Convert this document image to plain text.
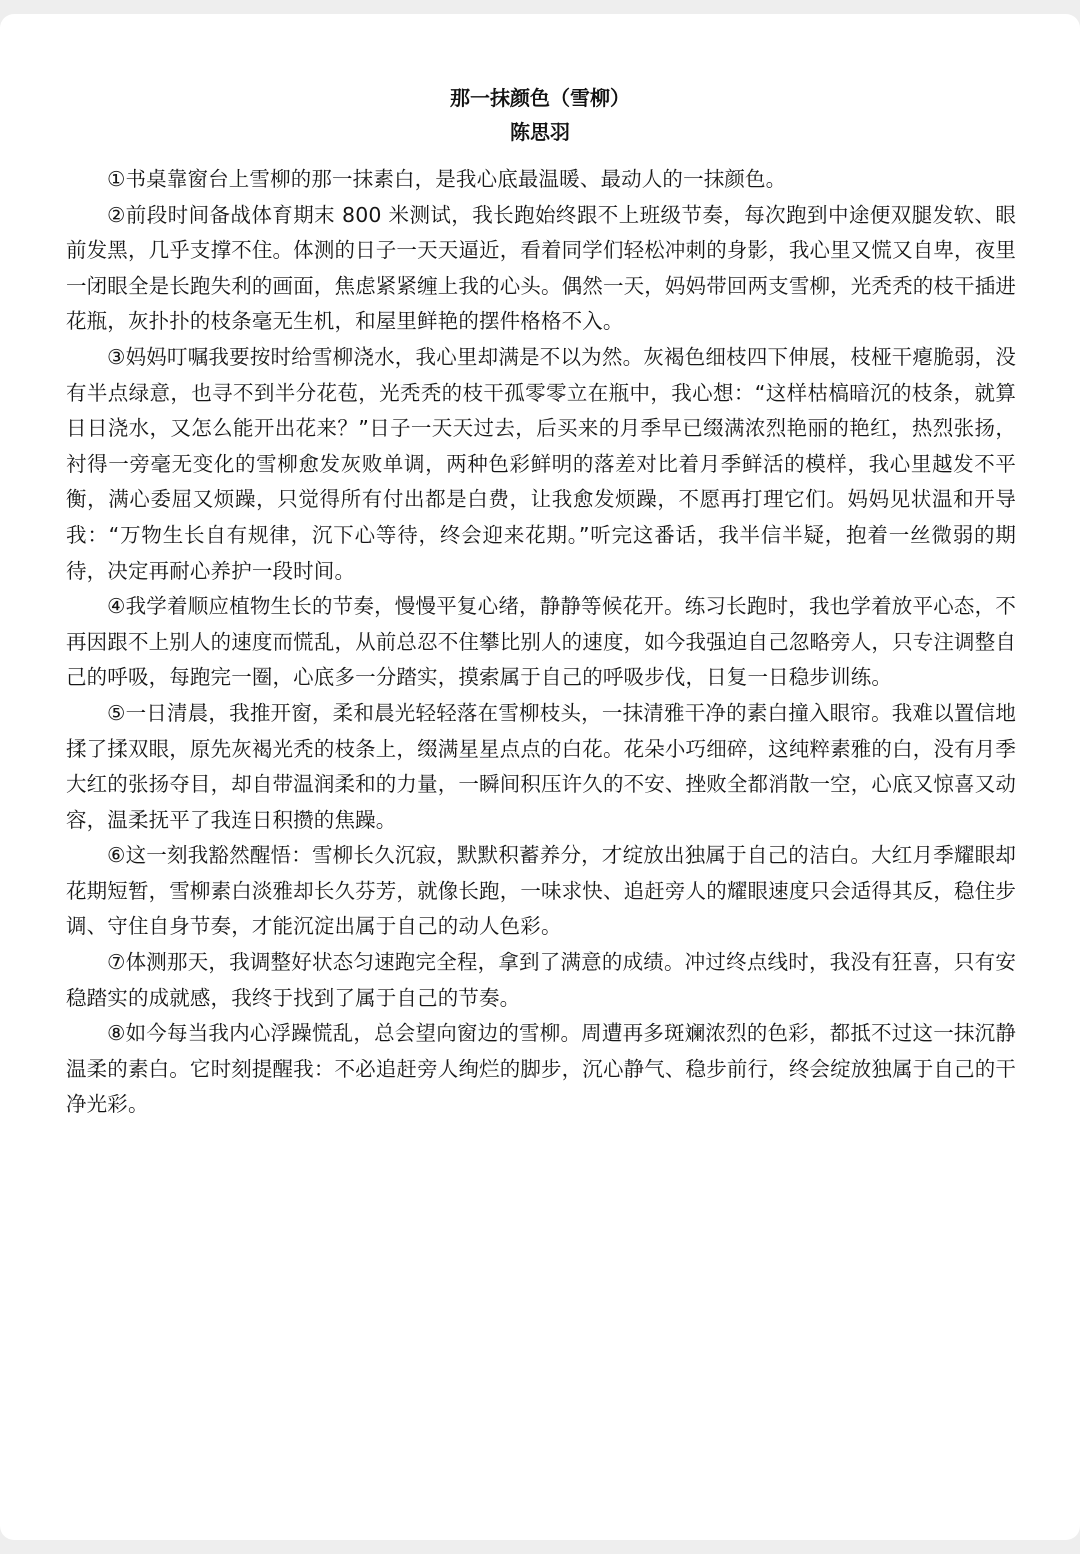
那一抹颜色（雪柳）
陈思羽

①书桌靠窗台上雪柳的那一抹素白，是我心底最温暖、最动人的一抹颜色。

②前段时间备战体育期末 800 米测试，我长跑始终跟不上班级节奏，每次跑到中途便双腿发软、眼前发黑，几乎支撑不住。体测的日子一天天逼近，看着同学们轻松冲刺的身影，我心里又慌又自卑，夜里一闭眼全是长跑失利的画面，焦虑紧紧缠上我的心头。偶然一天，妈妈带回两支雪柳，光秃秃的枝干插进花瓶，灰扑扑的枝条毫无生机，和屋里鲜艳的摆件格格不入。

③妈妈叮嘱我要按时给雪柳浇水，我心里却满是不以为然。灰褐色细枝四下伸展，枝桠干瘪脆弱，没有半点绿意，也寻不到半分花苞，光秃秃的枝干孤零零立在瓶中，我心想：“这样枯槁暗沉的枝条，就算日日浇水，又怎么能开出花来？”日子一天天过去，后买来的月季早已缀满浓烈艳丽的艳红，热烈张扬，衬得一旁毫无变化的雪柳愈发灰败单调，两种色彩鲜明的落差对比着月季鲜活的模样，我心里越发不平衡，满心委屈又烦躁，只觉得所有付出都是白费，让我愈发烦躁，不愿再打理它们。妈妈见状温和开导我：“万物生长自有规律，沉下心等待，终会迎来花期。”听完这番话，我半信半疑，抱着一丝微弱的期待，决定再耐心养护一段时间。

④我学着顺应植物生长的节奏，慢慢平复心绪，静静等候花开。练习长跑时，我也学着放平心态，不再因跟不上别人的速度而慌乱，从前总忍不住攀比别人的速度，如今我强迫自己忽略旁人，只专注调整自己的呼吸，每跑完一圈，心底多一分踏实，摸索属于自己的呼吸步伐，日复一日稳步训练。

⑤一日清晨，我推开窗，柔和晨光轻轻落在雪柳枝头，一抹清雅干净的素白撞入眼帘。我难以置信地揉了揉双眼，原先灰褐光秃的枝条上，缀满星星点点的白花。花朵小巧细碎，这纯粹素雅的白，没有月季大红的张扬夺目，却自带温润柔和的力量，一瞬间积压许久的不安、挫败全都消散一空，心底又惊喜又动容，温柔抚平了我连日积攒的焦躁。

⑥这一刻我豁然醒悟：雪柳长久沉寂，默默积蓄养分，才绽放出独属于自己的洁白。大红月季耀眼却花期短暂，雪柳素白淡雅却长久芬芳，就像长跑，一味求快、追赶旁人的耀眼速度只会适得其反，稳住步调、守住自身节奏，才能沉淀出属于自己的动人色彩。

⑦体测那天，我调整好状态匀速跑完全程，拿到了满意的成绩。冲过终点线时，我没有狂喜，只有安稳踏实的成就感，我终于找到了属于自己的节奏。

⑧如今每当我内心浮躁慌乱，总会望向窗边的雪柳。周遭再多斑斓浓烈的色彩，都抵不过这一抹沉静温柔的素白。它时刻提醒我：不必追赶旁人绚烂的脚步，沉心静气、稳步前行，终会绽放独属于自己的干净光彩。
